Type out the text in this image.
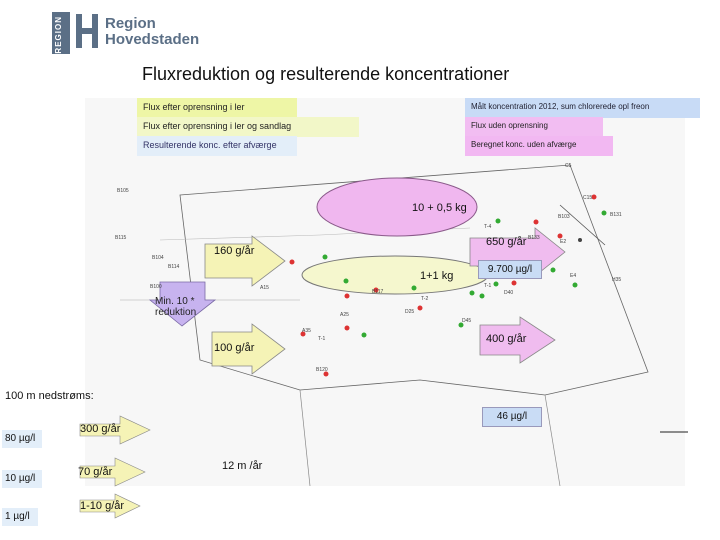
REGION	Region
Hovedstaden
Fluxreduktion og resulterende koncentrationer
B105
B115
B104
B114
B103
B100
B117
B120
B131
B133
A15
A35
A25
D45
D40
T-1
T-2
T-4
C5
D25
T-1
H35
E2
E4
C15
Flux efter oprensning i ler
Flux efter oprensning i ler og sandlag
Resulterende konc. efter afværge
Målt koncentration 2012, sum chlorerede opl freon
Flux uden oprensning
Beregnet konc. uden afværge
10 + 0,5 kg
1+1 kg
160 g/år
650 g/år
9.700 µg/l
Min. 10 * reduktion
100 g/år
400 g/år
100 m nedstrøms:
46 µg/l
300 g/år
80 µg/l
70 g/år
10 µg/l
12 m /år
1-10 g/år
1 µg/l
